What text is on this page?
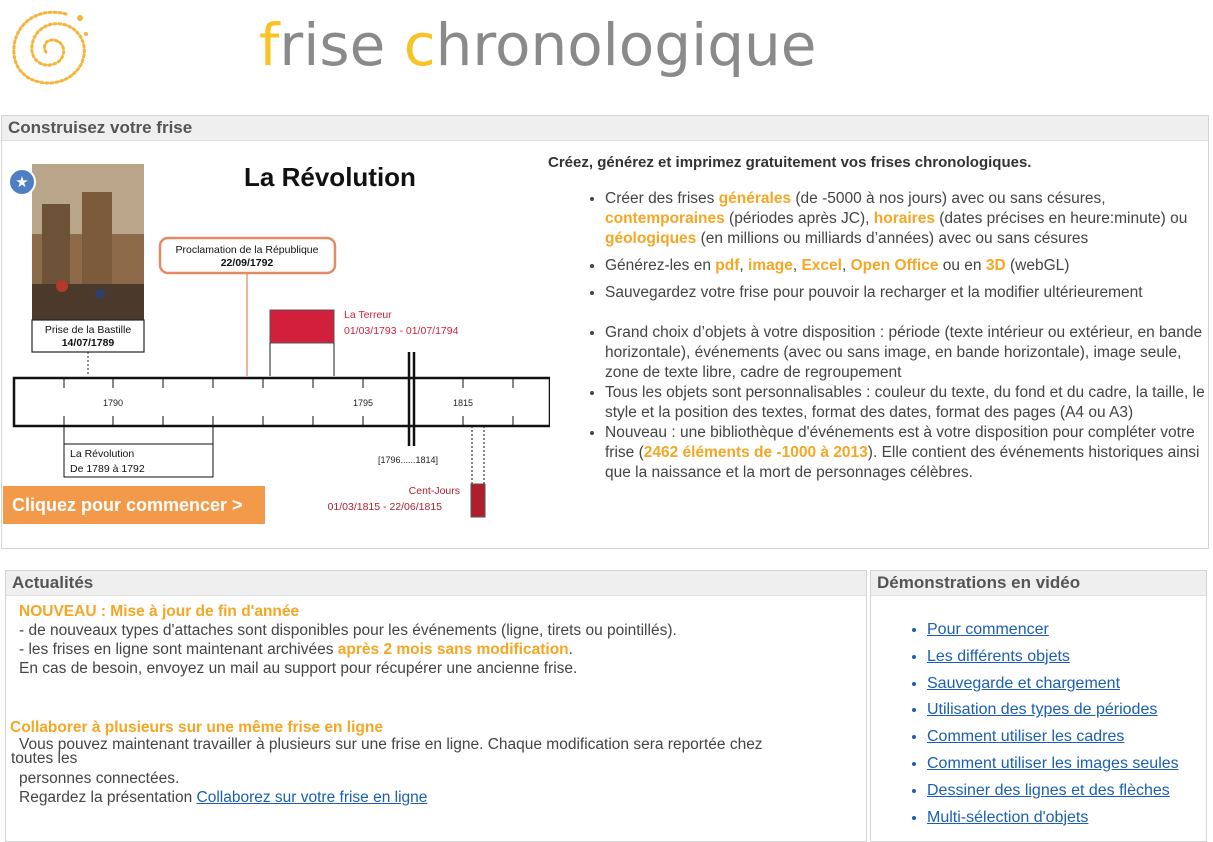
frise chronologique
Construisez votre frise
★
Prise de la Bastille
14/07/1789
La Révolution
Proclamation de la République
22/09/1792
La Terreur
01/03/1793 - 01/07/1794
1790	1795	1815
La Révolution
De 1789 à 1792
[1796......1814]
Cent-Jours
01/03/1815 - 22/06/1815
Cliquez pour commencer >
Créez, générez et imprimez gratuitement vos frises chronologiques.
• Créer des frises générales (de -5000 à nos jours) avec ou sans césures, contemporaines (périodes après JC), horaires (dates précises en heure:minute) ou géologiques (en millions ou milliards d’années) avec ou sans césures
• Générez-les en pdf, image, Excel, Open Office ou en 3D (webGL)
• Sauvegardez votre frise pour pouvoir la recharger et la modifier ultérieurement
• Grand choix d’objets à votre disposition : période (texte intérieur ou extérieur, en bande horizontale), événements (avec ou sans image, en bande horizontale), image seule, zone de texte libre, cadre de regroupement
• Tous les objets sont personnalisables : couleur du texte, du fond et du cadre, la taille, le style et la position des textes, format des dates, format des pages (A4 ou A3)
• Nouveau : une bibliothèque d'événements est à votre disposition pour compléter votre frise (2462 éléments de -1000 à 2013). Elle contient des événements historiques ainsi que la naissance et la mort de personnages célèbres.
Actualités
NOUVEAU : Mise à jour de fin d'année
- de nouveaux types d'attaches sont disponibles pour les événements (ligne, tirets ou pointillés).
- les frises en ligne sont maintenant archivées après 2 mois sans modification.
En cas de besoin, envoyez un mail au support pour récupérer une ancienne frise.
Collaborer à plusieurs sur une même frise en ligne
Vous pouvez maintenant travailler à plusieurs sur une frise en ligne. Chaque modification sera reportée chez
toutes les
personnes connectées.
Regardez la présentation Collaborez sur votre frise en ligne
Démonstrations en vidéo
• Pour commencer
• Les différents objets
• Sauvegarde et chargement
• Utilisation des types de périodes
• Comment utiliser les cadres
• Comment utiliser les images seules
• Dessiner des lignes et des flèches
• Multi-sélection d'objets
